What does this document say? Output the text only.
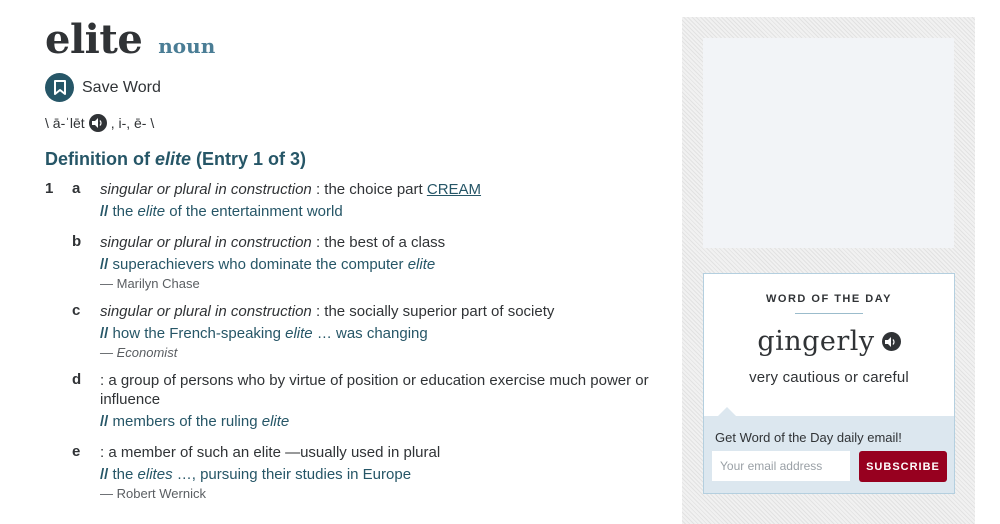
elite noun
Save Word
\ ā-ˈlēt , i-, ē- \
Definition of elite (Entry 1 of 3)
1 a singular or plural in construction : the choice part CREAM
// the elite of the entertainment world
b singular or plural in construction : the best of a class
// superachievers who dominate the computer elite
— Marilyn Chase
c singular or plural in construction : the socially superior part of society
// how the French-speaking elite … was changing
— Economist
d : a group of persons who by virtue of position or education exercise much power or influence
// members of the ruling elite
e : a member of such an elite —usually used in plural
// the elites …, pursuing their studies in Europe
— Robert Wernick
WORD OF THE DAY
gingerly
very cautious or careful
Get Word of the Day daily email!
Your email address
SUBSCRIBE
